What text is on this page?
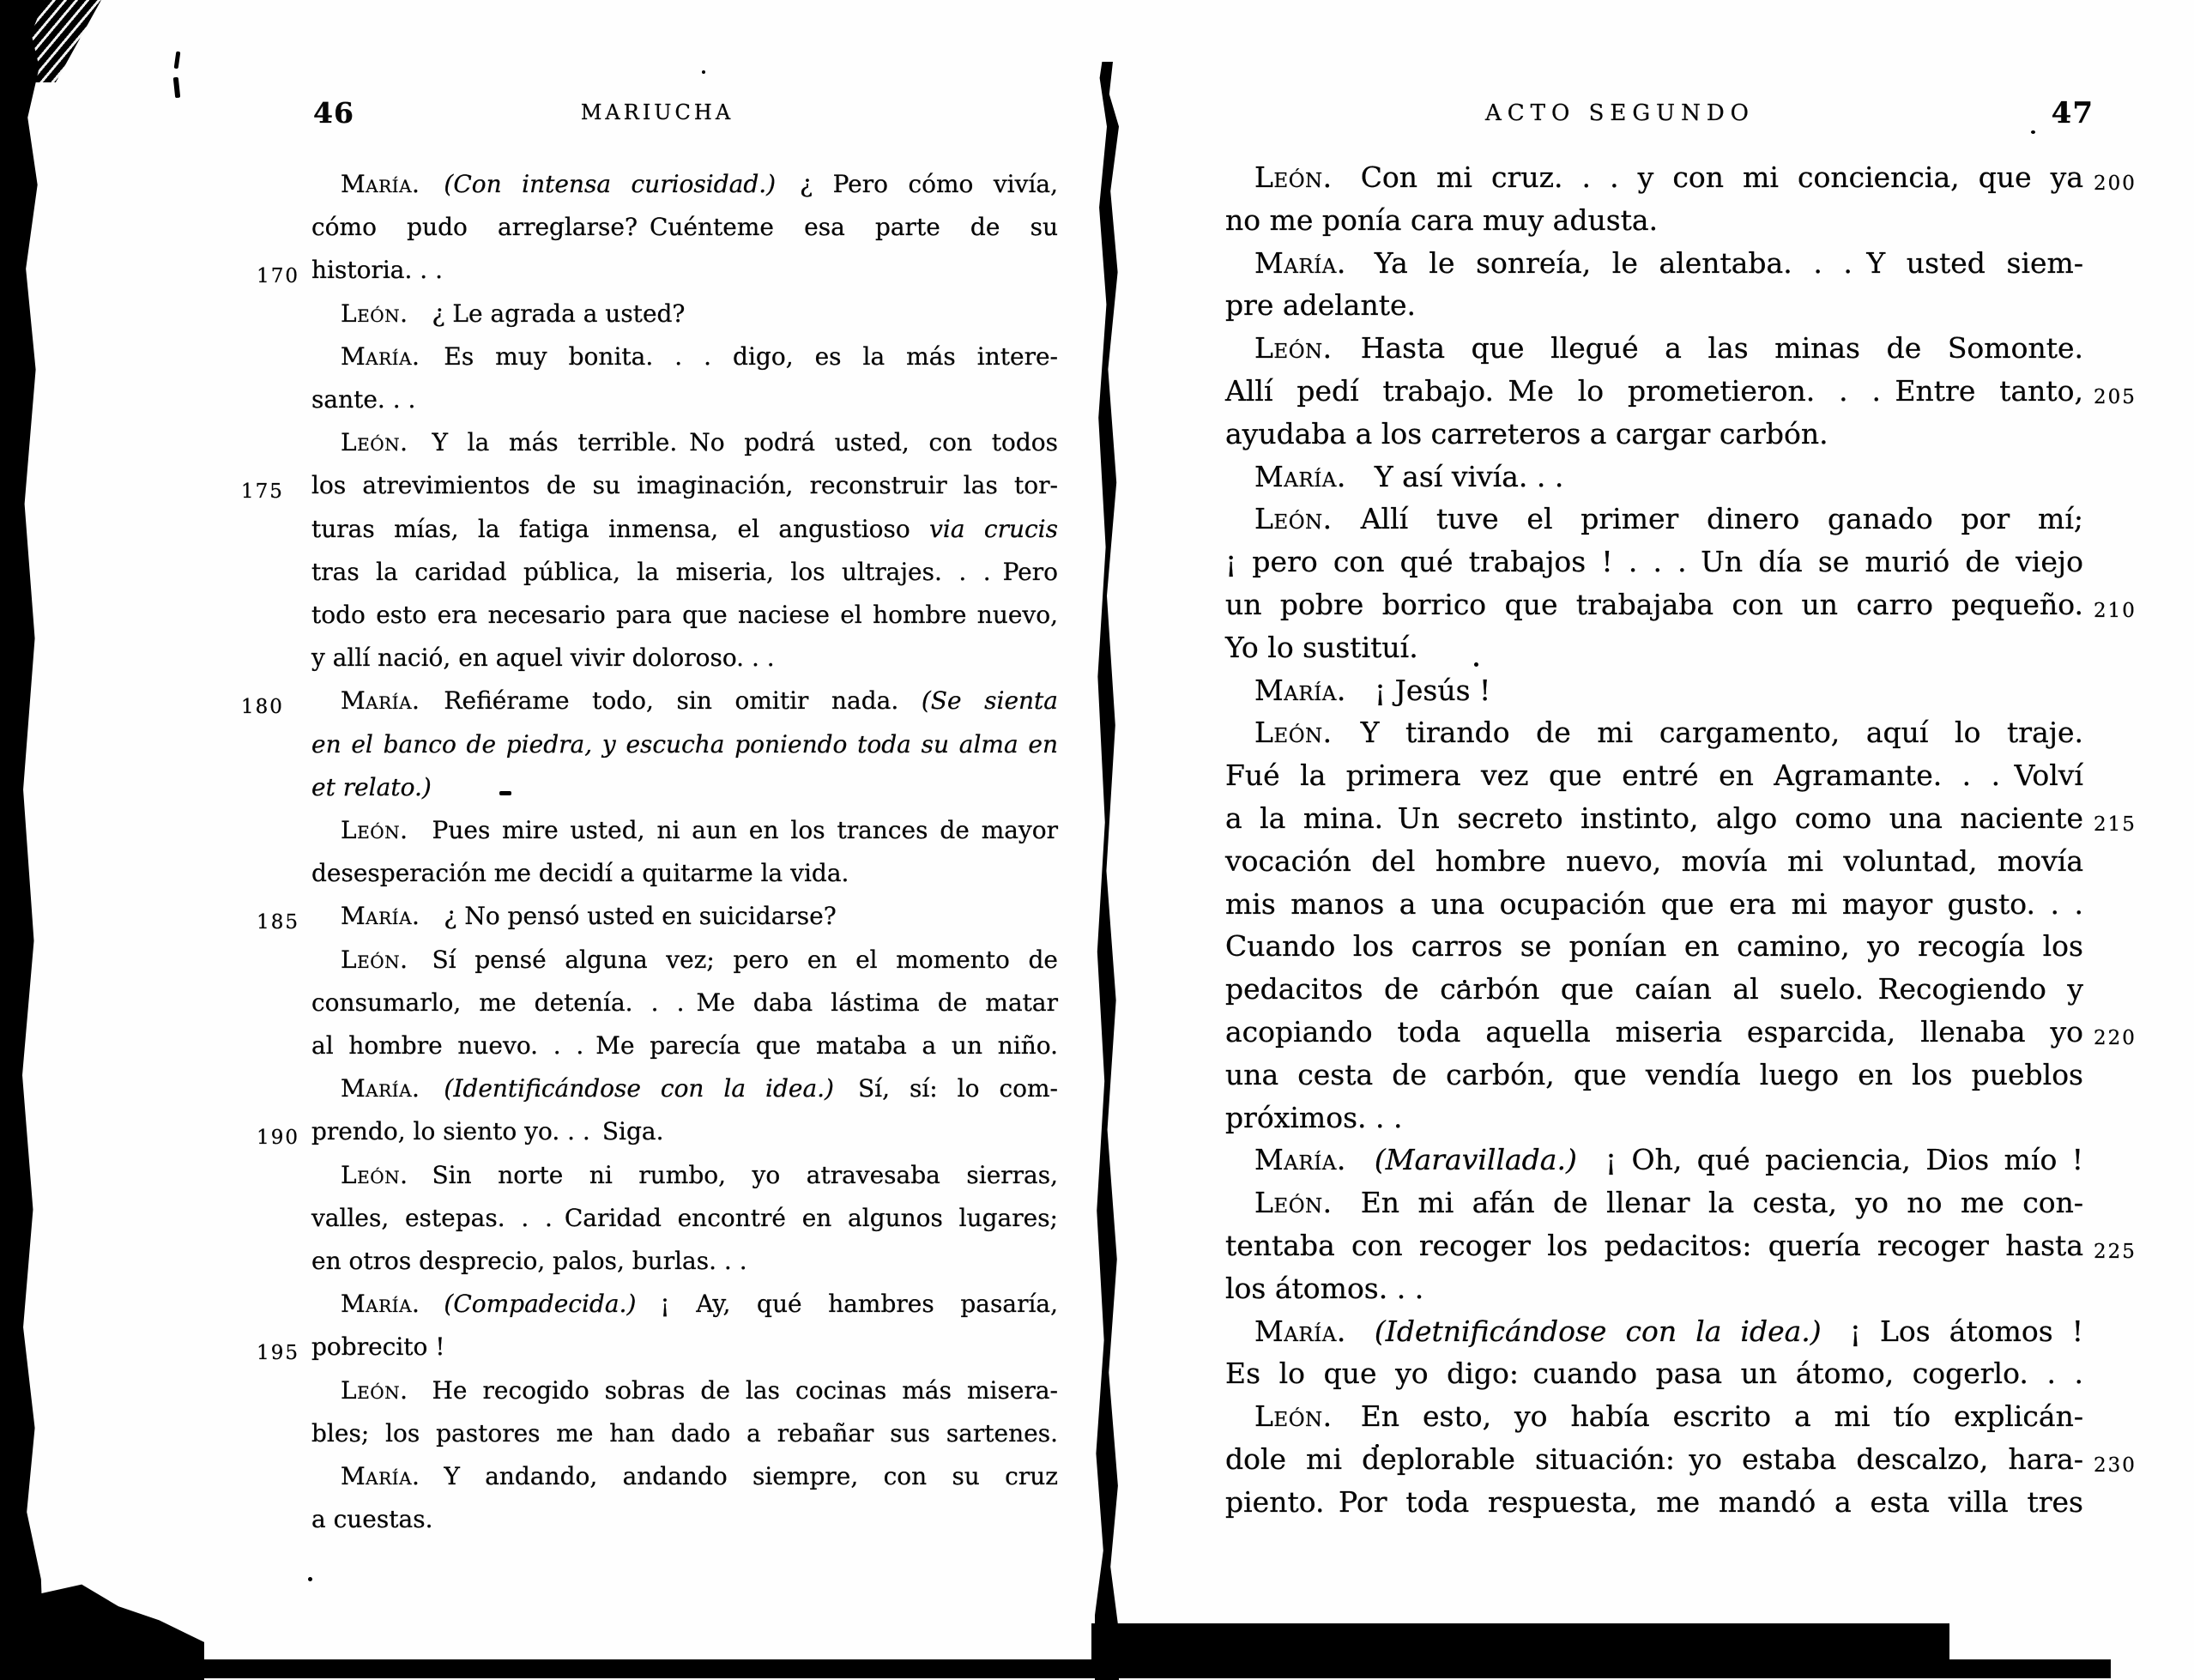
46	MARIUCHA
María.  (Con intensa curiosidad.) ¿ Pero cómo vivía,
cómo pudo arreglarse? Cuénteme esa parte de su
historia. . .
170
León. ¿ Le agrada a usted?
María. Es muy bonita. . . digo, es la más intere-
sante. . .
León. Y la más terrible. No podrá usted, con todos
los atrevimientos de su imaginación, reconstruir las tor-
175
turas mías, la fatiga inmensa, el angustioso via crucis
tras la caridad pública, la miseria, los ultrajes. . . Pero
todo esto era necesario para que naciese el hombre nuevo,
y allí nació, en aquel vivir doloroso. . .
María. Refiérame todo, sin omitir nada. (Se sienta
180
en el banco de piedra, y escucha poniendo toda su alma en
et relato.)
León. Pues mire usted, ni aun en los trances de mayor
desesperación me decidí a quitarme la vida.
María. ¿ No pensó usted en suicidarse?
185
León. Sí pensé alguna vez; pero en el momento de
consumarlo, me detenía. . . Me daba lástima de matar
al hombre nuevo. . . Me parecía que mataba a un niño.
María.  (Identificándose con la idea.) Sí, sí: lo com-
prendo, lo siento yo. . . Siga.
190
León. Sin norte ni rumbo, yo atravesaba sierras,
valles, estepas. . . Caridad encontré en algunos lugares;
en otros desprecio, palos, burlas. . .
María.  (Compadecida.) ¡ Ay, qué hambres pasaría,
pobrecito !
195
León. He recogido sobras de las cocinas más misera-
bles; los pastores me han dado a rebañar sus sartenes.
María. Y andando, andando siempre, con su cruz
a cuestas.
ACTO SEGUNDO	47
León. Con mi cruz. . . y con mi conciencia, que ya 200
no me ponía cara muy adusta.
María. Ya le sonreía, le alentaba. . . Y usted siem-
pre adelante.
León. Hasta que llegué a las minas de Somonte.
Allí pedí trabajo. Me lo prometieron. . . Entre tanto, 205
ayudaba a los carreteros a cargar carbón.
María. Y así vivía. . .
León. Allí tuve el primer dinero ganado por mí;
¡ pero con qué trabajos ! . . . Un día se murió de viejo
un pobre borrico que trabajaba con un carro pequeño. 210
Yo lo sustituí.
María. ¡ Jesús !
León. Y tirando de mi cargamento, aquí lo traje.
Fué la primera vez que entré en Agramante. . . Volví
a la mina. Un secreto instinto, algo como una naciente 215
vocación del hombre nuevo, movía mi voluntad, movía
mis manos a una ocupación que era mi mayor gusto. . .
Cuando los carros se ponían en camino, yo recogía los
pedacitos de carbón que caían al suelo. Recogiendo y
acopiando toda aquella miseria esparcida, llenaba yo 220
una cesta de carbón, que vendía luego en los pueblos
próximos. . .
María.  (Maravillada.) ¡ Oh, qué paciencia, Dios mío !
León. En mi afán de llenar la cesta, yo no me con-
tentaba con recoger los pedacitos: quería recoger hasta 225
los átomos. . .
María.  (Idetnificándose con la idea.) ¡ Los átomos !
Es lo que yo digo: cuando pasa un átomo, cogerlo. . .
León. En esto, yo había escrito a mi tío explicán-
dole mi deplorable situación: yo estaba descalzo, hara- 230
piento. Por toda respuesta, me mandó a esta villa tres
